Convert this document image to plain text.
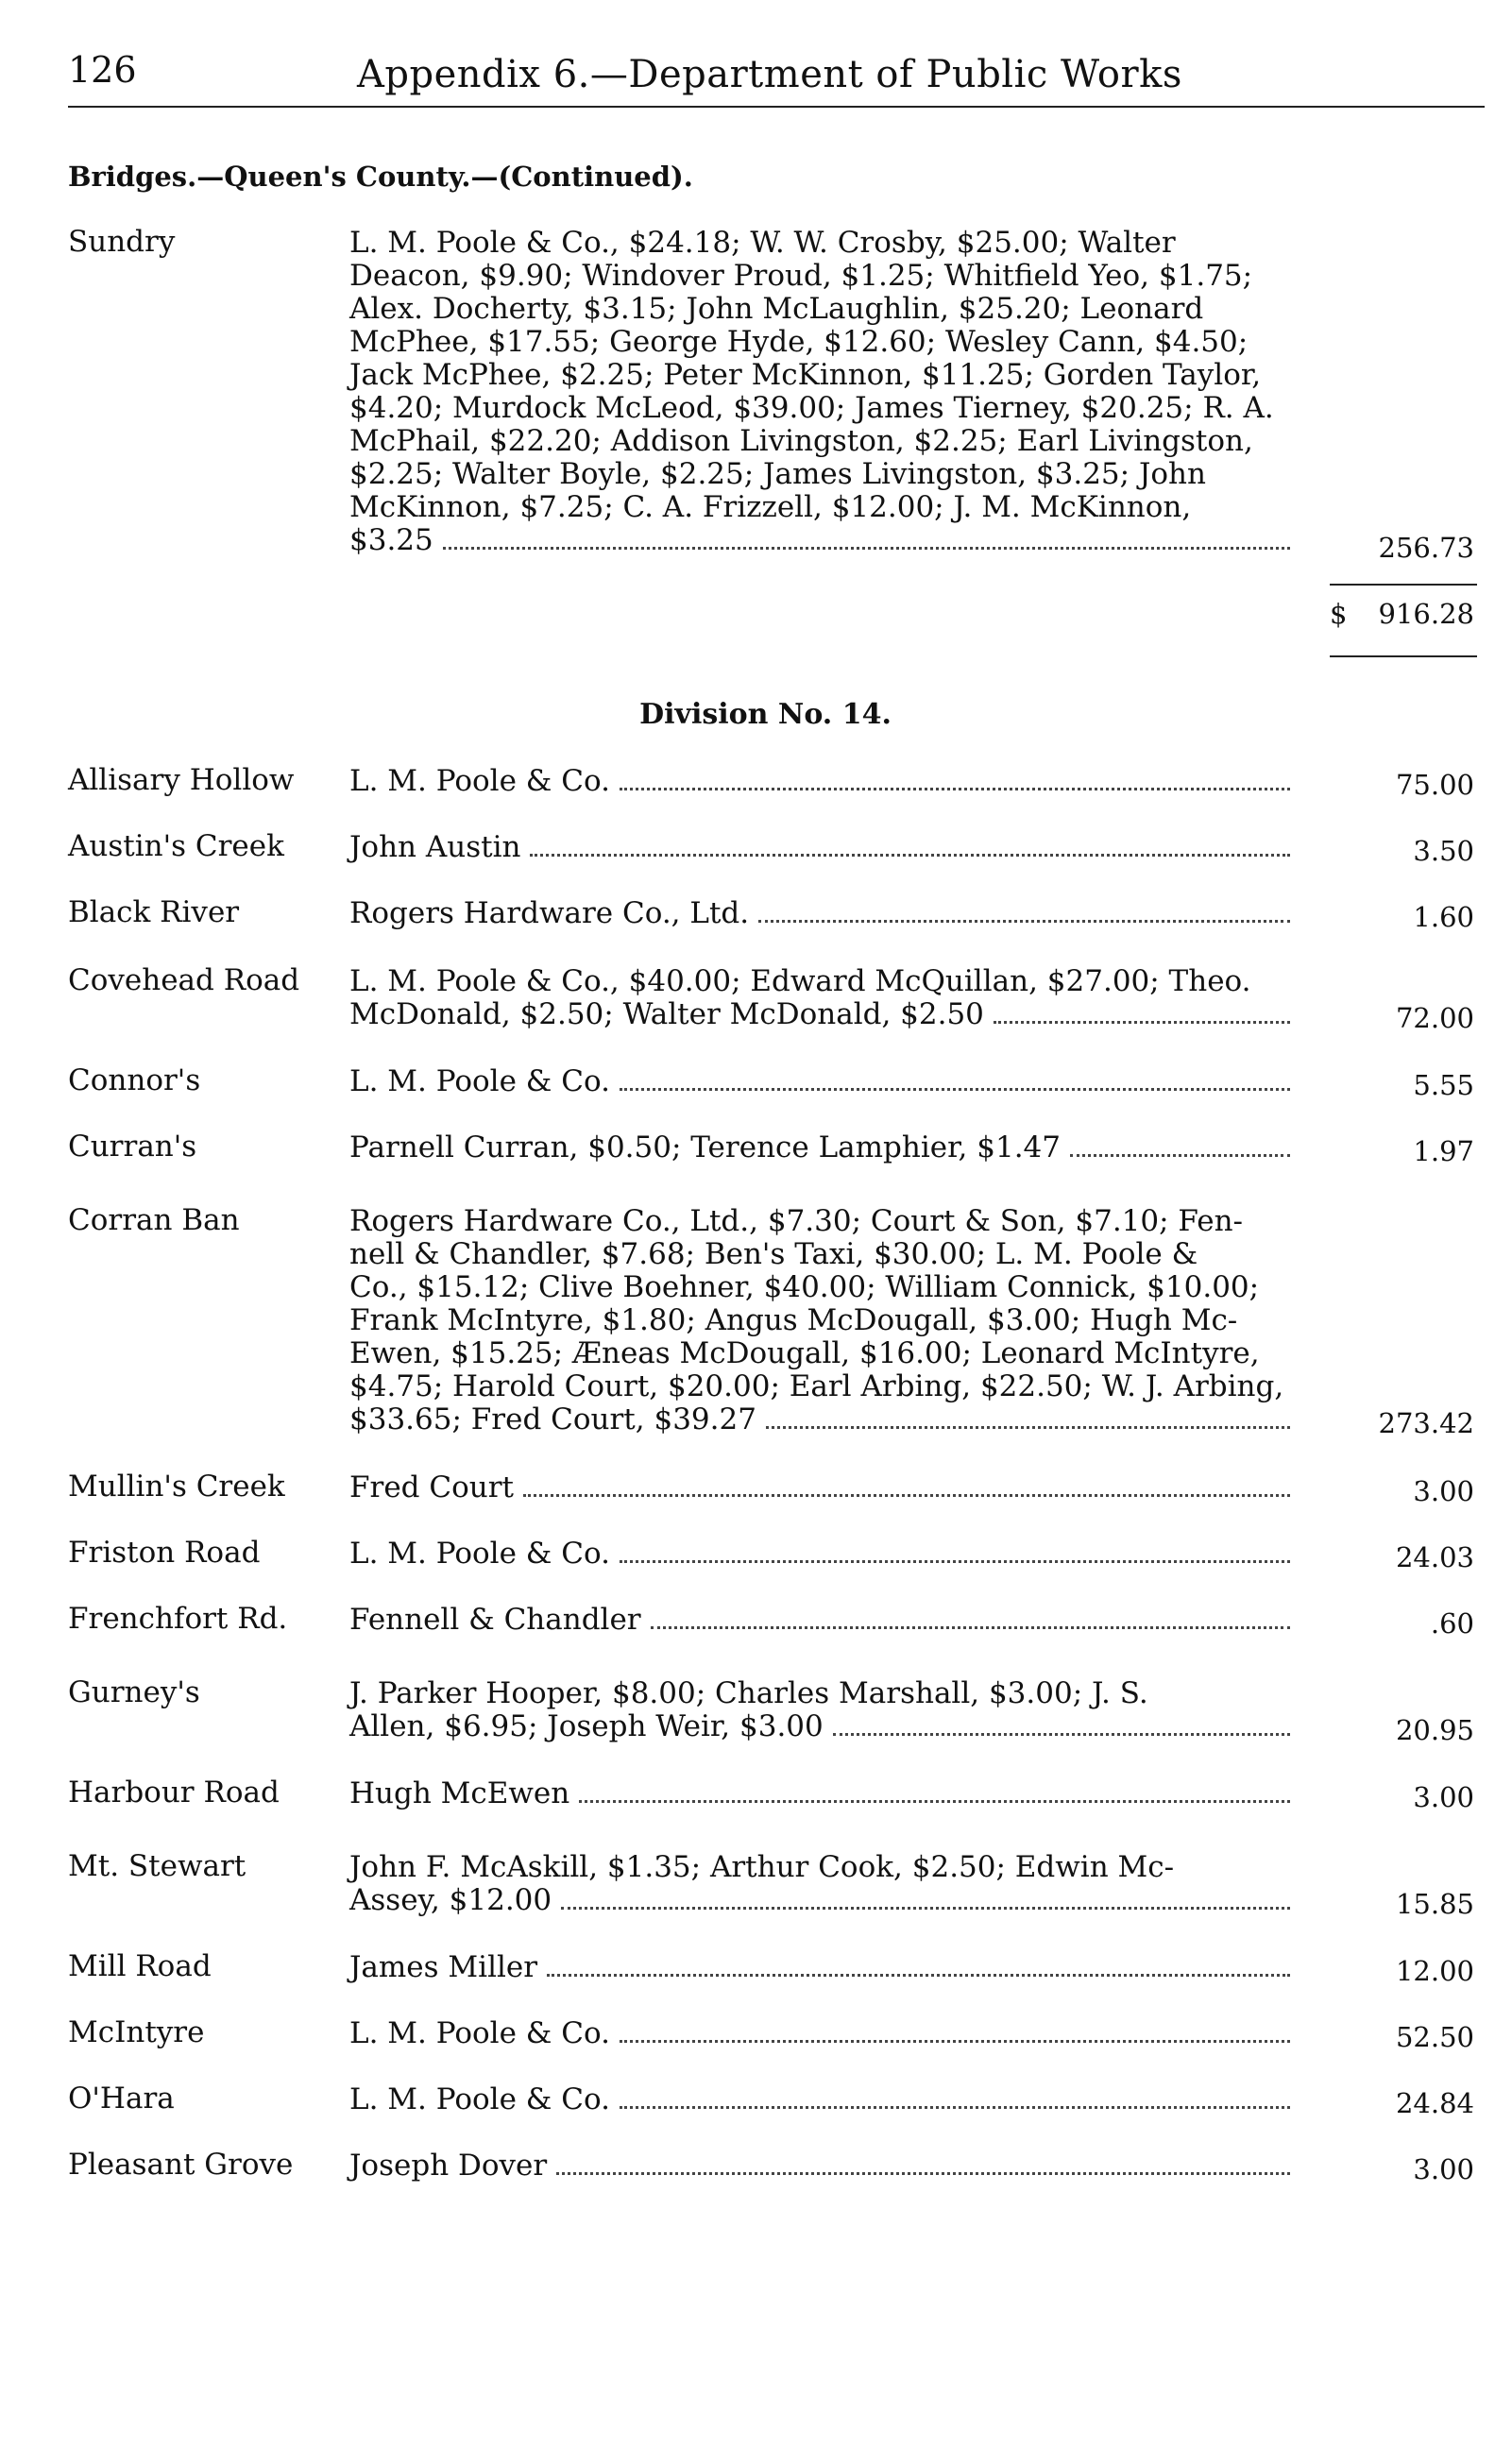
126	Appendix 6.—Department of Public Works
Bridges.—Queen's County.—(Continued).
Sundry	L. M. Poole & Co., $24.18; W. W. Crosby, $25.00; Walter
Deacon, $9.90; Windover Proud, $1.25; Whitfield Yeo, $1.75;
Alex. Docherty, $3.15; John McLaughlin, $25.20; Leonard
McPhee, $17.55; George Hyde, $12.60; Wesley Cann, $4.50;
Jack McPhee, $2.25; Peter McKinnon, $11.25; Gorden Taylor,
$4.20; Murdock McLeod, $39.00; James Tierney, $20.25; R. A.
McPhail, $22.20; Addison Livingston, $2.25; Earl Livingston,
$2.25; Walter Boyle, $2.25; James Livingston, $3.25; John
McKinnon, $7.25; C. A. Frizzell, $12.00; J. M. McKinnon,
$3.25	256.73
$ 916.28
Division No. 14.
Allisary Hollow	L. M. Poole & Co.	75.00
Austin's Creek	John Austin	3.50
Black River	Rogers Hardware Co., Ltd.	1.60
Covehead Road	L. M. Poole & Co., $40.00; Edward McQuillan, $27.00; Theo.
McDonald, $2.50; Walter McDonald, $2.50	72.00
Connor's	L. M. Poole & Co.	5.55
Curran's	Parnell Curran, $0.50; Terence Lamphier, $1.47	1.97
Corran Ban	Rogers Hardware Co., Ltd., $7.30; Court & Son, $7.10; Fen-
nell & Chandler, $7.68; Ben's Taxi, $30.00; L. M. Poole &
Co., $15.12; Clive Boehner, $40.00; William Connick, $10.00;
Frank McIntyre, $1.80; Angus McDougall, $3.00; Hugh Mc-
Ewen, $15.25; Æneas McDougall, $16.00; Leonard McIntyre,
$4.75; Harold Court, $20.00; Earl Arbing, $22.50; W. J. Arbing,
$33.65; Fred Court, $39.27	273.42
Mullin's Creek	Fred Court	3.00
Friston Road	L. M. Poole & Co.	24.03
Frenchfort Rd.	Fennell & Chandler	.60
Gurney's	J. Parker Hooper, $8.00; Charles Marshall, $3.00; J. S.
Allen, $6.95; Joseph Weir, $3.00	20.95
Harbour Road	Hugh McEwen	3.00
Mt. Stewart	John F. McAskill, $1.35; Arthur Cook, $2.50; Edwin Mc-
Assey, $12.00	15.85
Mill Road	James Miller	12.00
McIntyre	L. M. Poole & Co.	52.50
O'Hara	L. M. Poole & Co.	24.84
Pleasant Grove	Joseph Dover	3.00
